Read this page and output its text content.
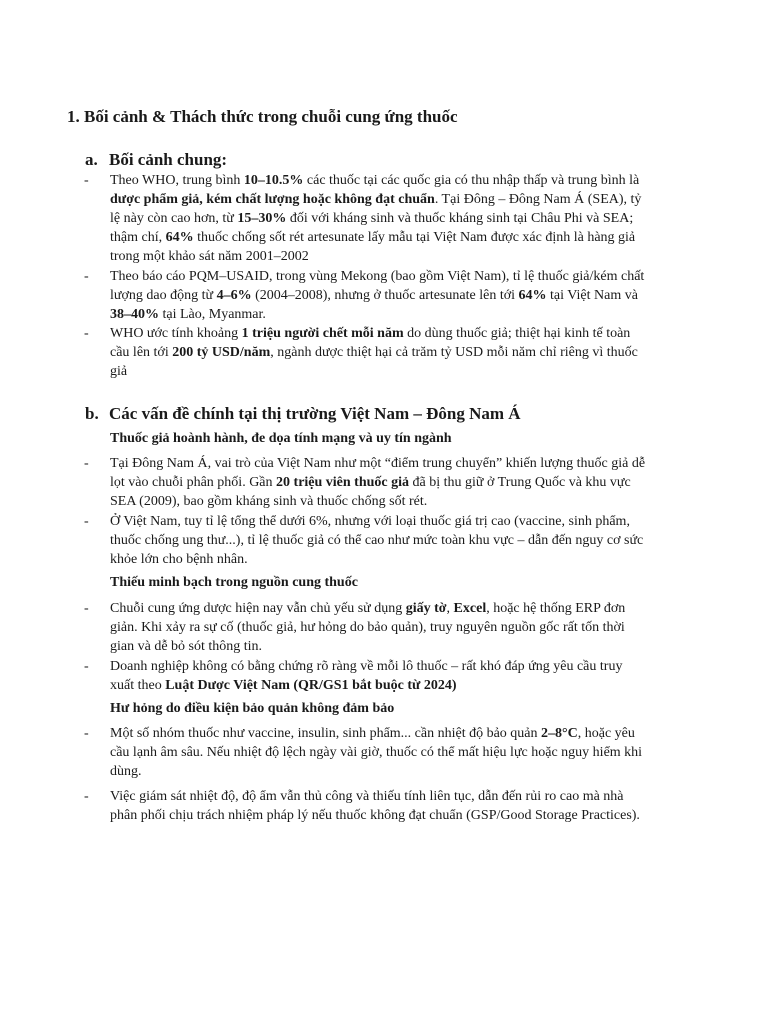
1. Bối cảnh & Thách thức trong chuỗi cung ứng thuốc
a. Bối cảnh chung:
- Theo WHO, trung bình 10–10.5% các thuốc tại các quốc gia có thu nhập thấp và trung bình là
dược phẩm giả, kém chất lượng hoặc không đạt chuẩn. Tại Đông – Đông Nam Á (SEA), tỷ
lệ này còn cao hơn, từ 15–30% đối với kháng sinh và thuốc kháng sinh tại Châu Phi và SEA;
thậm chí, 64% thuốc chống sốt rét artesunate lấy mẫu tại Việt Nam được xác định là hàng giả
trong một khảo sát năm 2001–2002
- Theo báo cáo PQM–USAID, trong vùng Mekong (bao gồm Việt Nam), tỉ lệ thuốc giả/kém chất
lượng dao động từ 4–6% (2004–2008), nhưng ở thuốc artesunate lên tới 64% tại Việt Nam và
38–40% tại Lào, Myanmar.
- WHO ước tính khoảng 1 triệu người chết mỗi năm do dùng thuốc giả; thiệt hại kinh tế toàn
cầu lên tới 200 tỷ USD/năm, ngành dược thiệt hại cả trăm tỷ USD mỗi năm chỉ riêng vì thuốc
giả
b. Các vấn đề chính tại thị trường Việt Nam – Đông Nam Á
Thuốc giả hoành hành, đe dọa tính mạng và uy tín ngành
- Tại Đông Nam Á, vai trò của Việt Nam như một “điểm trung chuyển” khiến lượng thuốc giả dễ
lọt vào chuỗi phân phối. Gần 20 triệu viên thuốc giả đã bị thu giữ ở Trung Quốc và khu vực
SEA (2009), bao gồm kháng sinh và thuốc chống sốt rét.
- Ở Việt Nam, tuy tỉ lệ tổng thể dưới 6%, nhưng với loại thuốc giá trị cao (vaccine, sinh phẩm,
thuốc chống ung thư...), tỉ lệ thuốc giả có thể cao như mức toàn khu vực – dẫn đến nguy cơ sức
khỏe lớn cho bệnh nhân.
Thiếu minh bạch trong nguồn cung thuốc
- Chuỗi cung ứng dược hiện nay vẫn chủ yếu sử dụng giấy tờ, Excel, hoặc hệ thống ERP đơn
giản. Khi xảy ra sự cố (thuốc giả, hư hỏng do bảo quản), truy nguyên nguồn gốc rất tốn thời
gian và dễ bỏ sót thông tin.
- Doanh nghiệp không có bằng chứng rõ ràng về mỗi lô thuốc – rất khó đáp ứng yêu cầu truy
xuất theo Luật Dược Việt Nam (QR/GS1 bắt buộc từ 2024)
Hư hỏng do điều kiện bảo quản không đảm bảo
- Một số nhóm thuốc như vaccine, insulin, sinh phẩm... cần nhiệt độ bảo quản 2–8°C, hoặc yêu
cầu lạnh âm sâu. Nếu nhiệt độ lệch ngày vài giờ, thuốc có thể mất hiệu lực hoặc nguy hiểm khi
dùng.
- Việc giám sát nhiệt độ, độ ẩm vẫn thủ công và thiếu tính liên tục, dẫn đến rủi ro cao mà nhà
phân phối chịu trách nhiệm pháp lý nếu thuốc không đạt chuẩn (GSP/Good Storage Practices).
